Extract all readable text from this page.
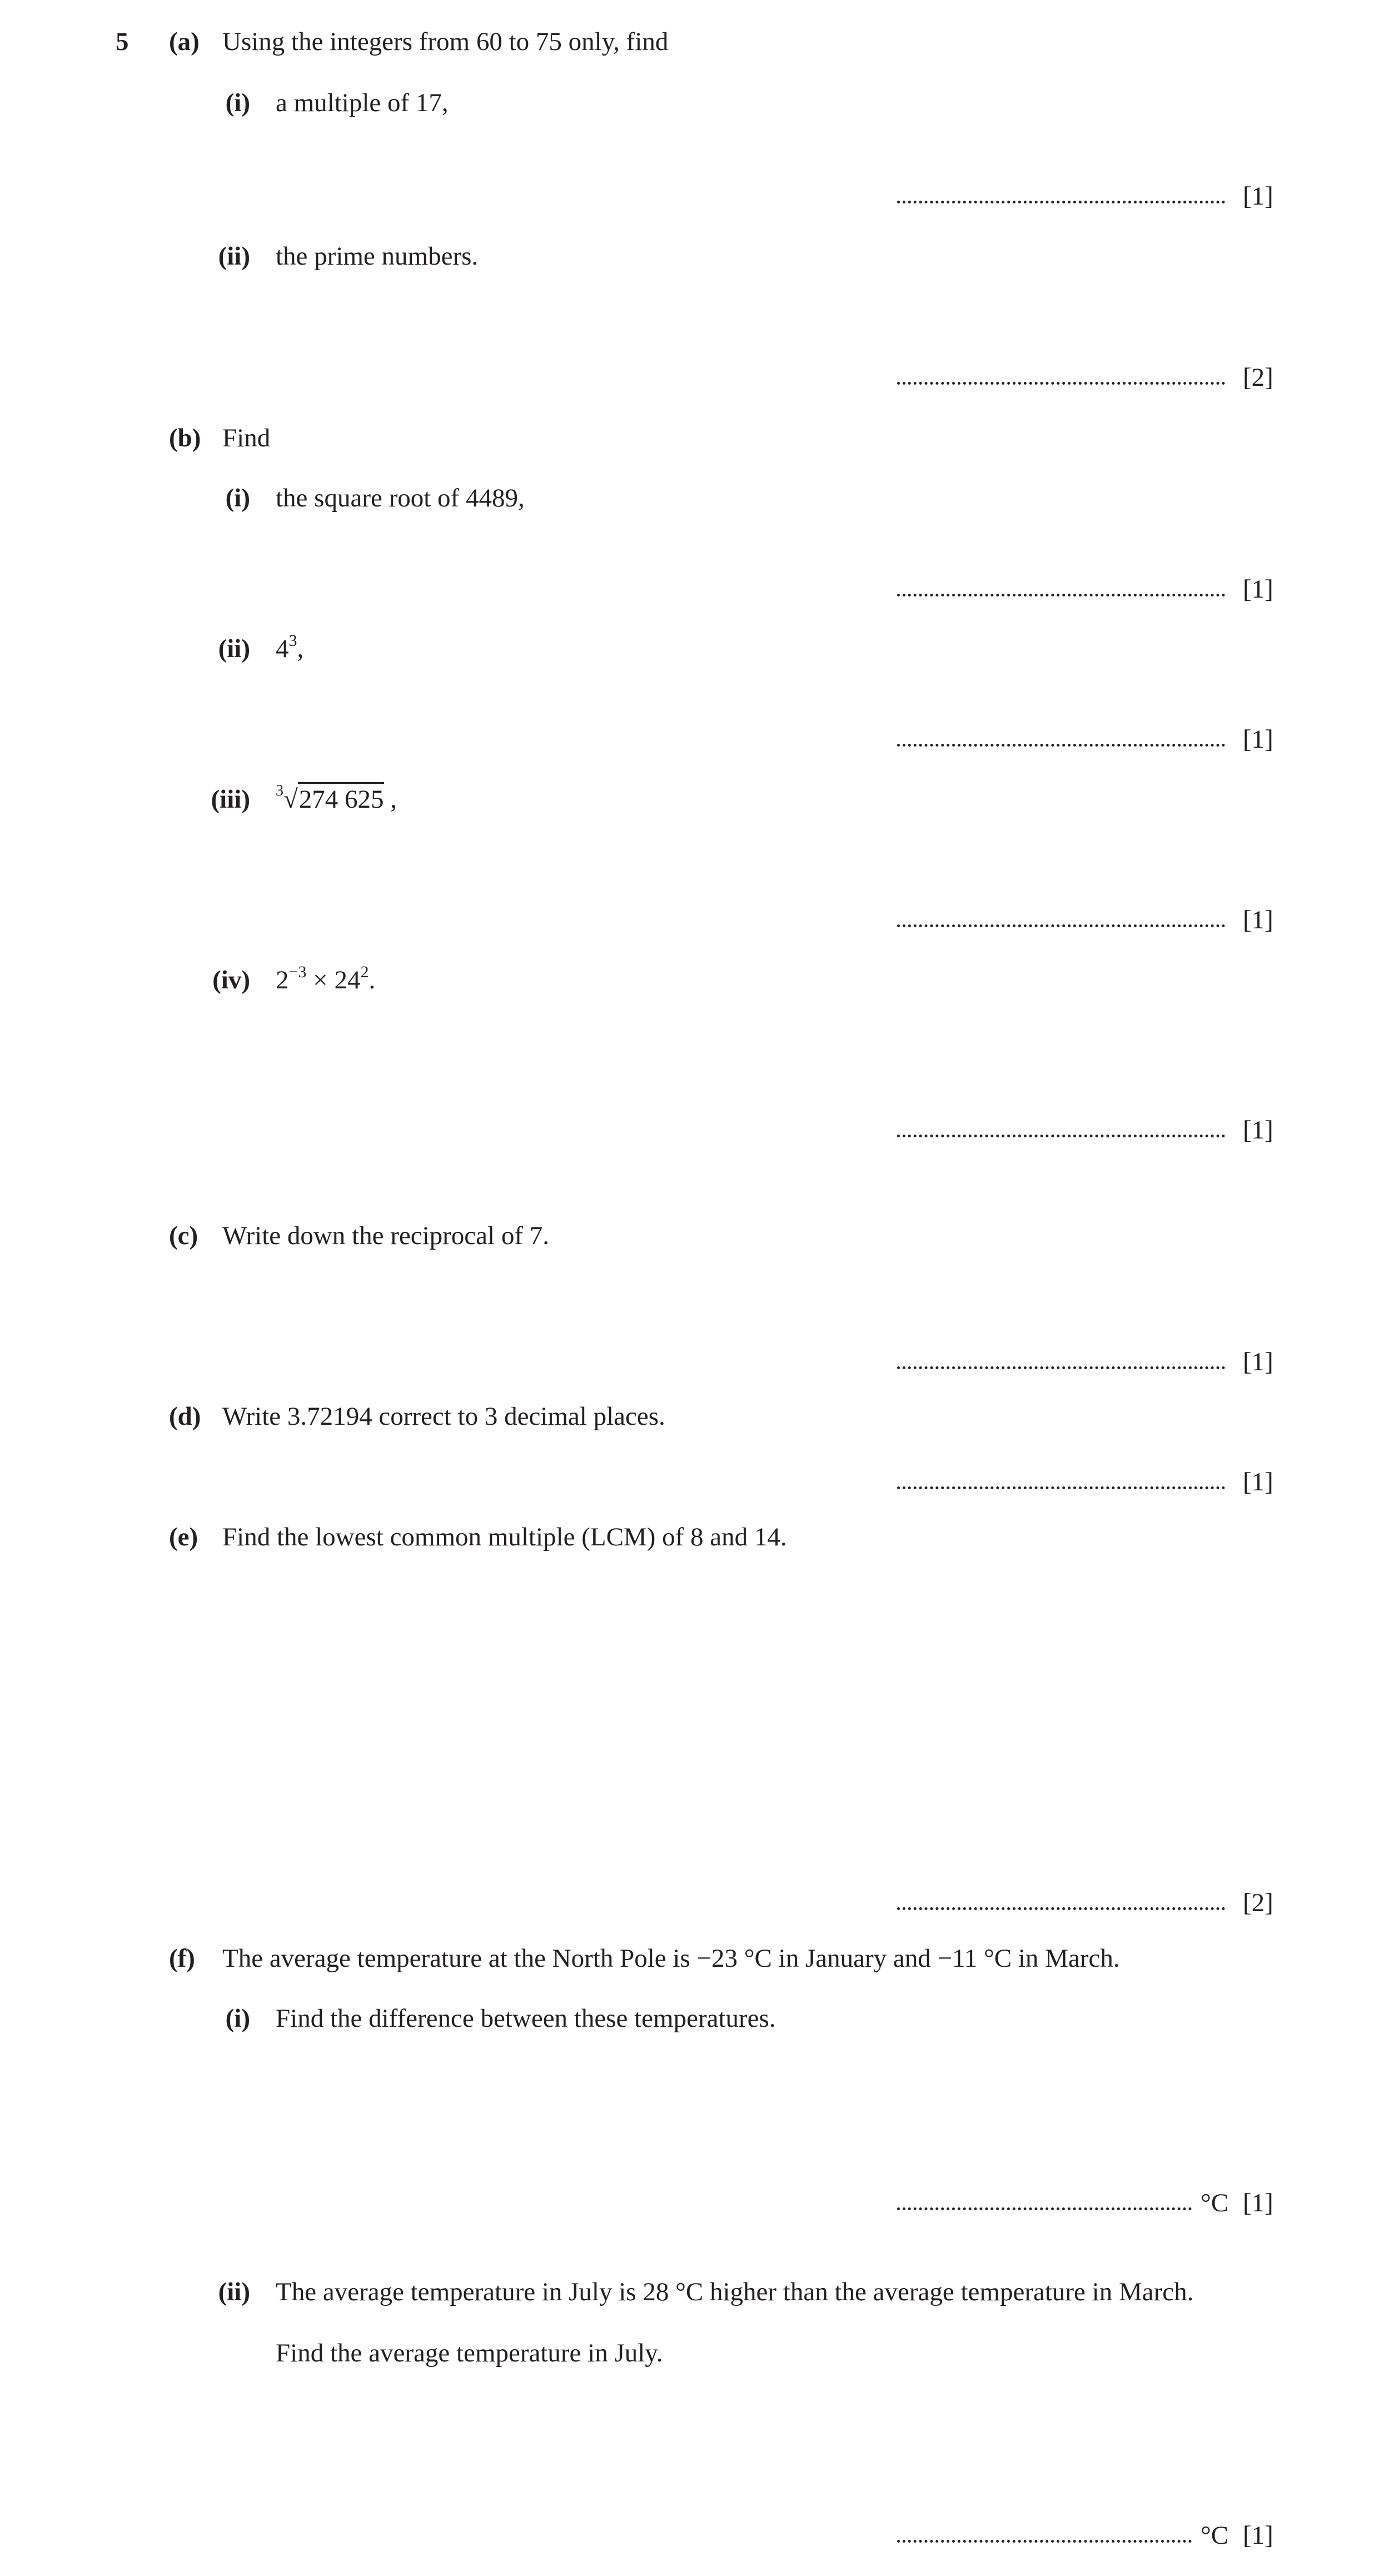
5 (a) Using the integers from 60 to 75 only, find
(i) a multiple of 17,
[1]
(ii) the prime numbers.
[2]
(b) Find
(i) the square root of 4489,
[1]
(ii) $4^3$,
[1]
(iii) $^3$√274 625 ,
[1]
(iv) $2^{-3} \times 24^2$.
[1]
(c) Write down the reciprocal of 7.
[1]
(d) Write 3.72194 correct to 3 decimal places.
[1]
(e) Find the lowest common multiple (LCM) of 8 and 14.
[2]
(f) The average temperature at the North Pole is −23 °C in January and −11 °C in March.
(i) Find the difference between these temperatures.
°C [1]
(ii) The average temperature in July is 28 °C higher than the average temperature in March.
Find the average temperature in July.
°C [1]
